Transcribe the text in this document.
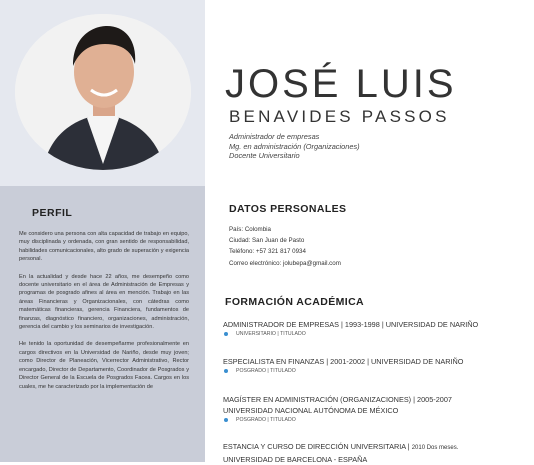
PERFIL

Me considero una persona con alta capacidad de trabajo en equipo, muy disciplinada y ordenada, con gran sentido de responsabilidad, habilidades comunicacionales, alto grado de superación y exigencia personal.

En la actualidad y desde hace 22 años, me desempeño como docente universitario en el área de Administración de Empresas y programas de posgrado afines al área en mención. Trabajo en las áreas Financieras y Organizacionales, con cátedras como matemáticas financieras, gerencia Financiera, fundamentos de finanzas, diagnóstico financiero, organizaciones, administración, gerencia del cambio y los seminarios de investigación.

He tenido la oportunidad de desempeñarme profesionalmente en cargos directivos en la Universidad de Nariño, desde muy joven; como Director de Planeación, Vicerrector Administrativo, Rector encargado, Director de Departamento, Coordinador de Posgrados y Director General de la Escuela de Posgrados Facea. Cargos en los cuales, me he caracterizado por la implementación de

JOSÉ LUIS
BENAVIDES PASSOS
Administrador de empresas
Mg. en administración (Organizaciones)
Docente Universitario
DATOS PERSONALES
País: Colombia
Ciudad: San Juan de Pasto
Teléfono: +57 321 817 0934
Correo electrónico: jolubepa@gmail.com
FORMACIÓN ACADÉMICA
ADMINISTRADOR DE EMPRESAS | 1993-1998 | UNIVERSIDAD DE NARIÑO
UNIVERSITARIO | TITULADO
ESPECIALISTA EN FINANZAS | 2001-2002 | UNIVERSIDAD DE NARIÑO
POSGRADO | TITULADO
MAGÍSTER EN ADMINISTRACIÓN (ORGANIZACIONES) | 2005-2007
UNIVERSIDAD NACIONAL AUTÓNOMA DE MÉXICO
POSGRADO | TITULADO
ESTANCIA Y CURSO DE DIRECCIÓN UNIVERSITARIA | 2010 Dos meses.
UNIVERSIDAD DE BARCELONA - ESPAÑA
